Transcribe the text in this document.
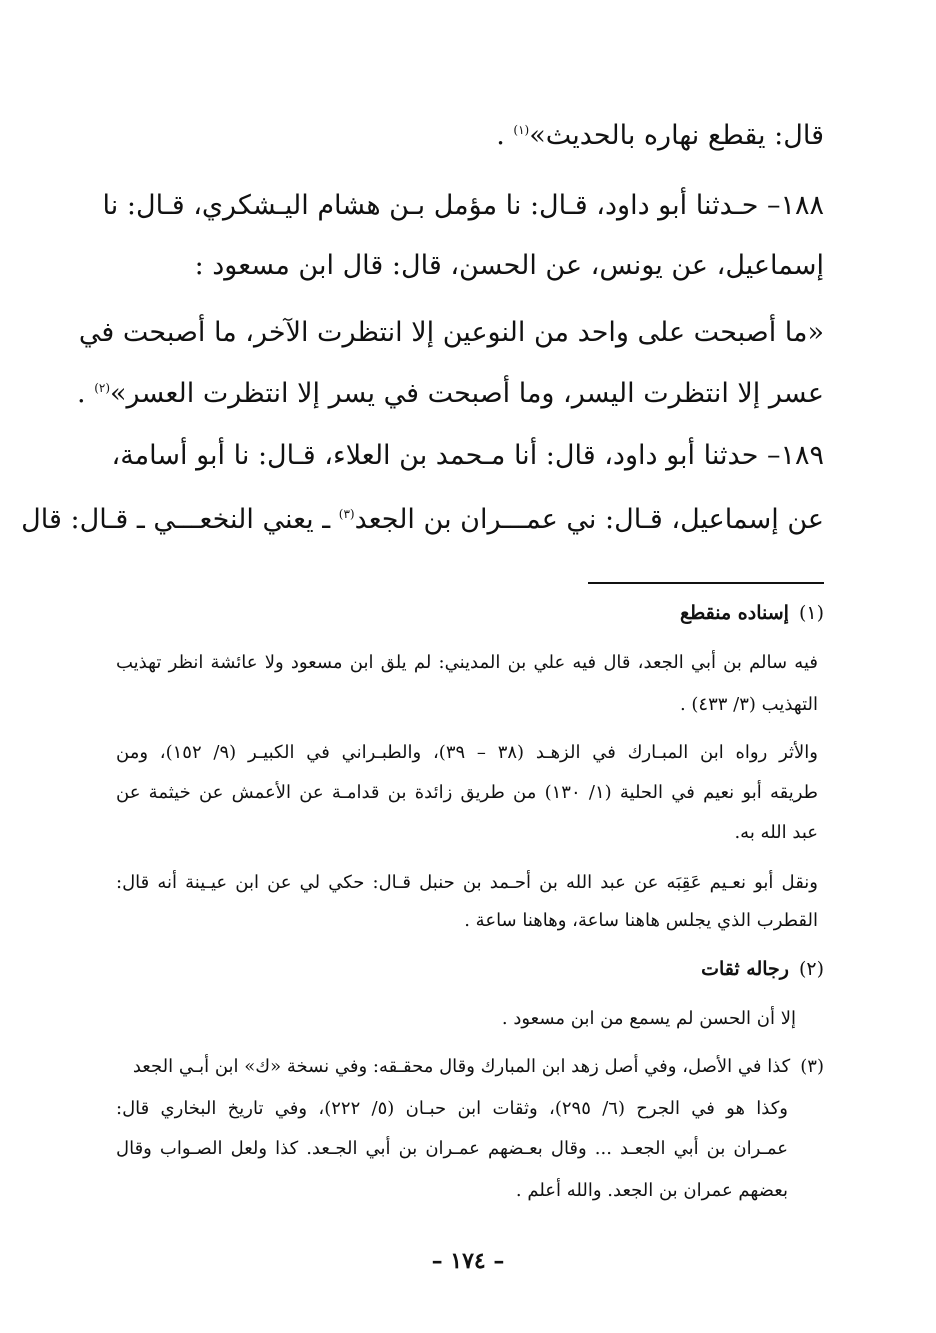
قال: يقطع نهاره بالحديث»$^{(١)}$ .
١٨٨– حـدثنا أبو داود، قـال: نا مؤمل بـن هشام اليـشكري، قـال: نا
إسماعيل، عن يونس، عن الحسن، قال: قال ابن مسعود :
«ما أصبحت على واحد من النوعين إلا انتظرت الآخر، ما أصبحت في
عسر إلا انتظرت اليسر، وما أصبحت في يسر إلا انتظرت العسر»$^{(٢)}$ .
١٨٩– حدثنا أبو داود، قال: أنا مـحمد بن العلاء، قـال: نا أبو أسامة،
عن إسماعيل، قـال: ني عمـــران بن الجعد$^{(٣)}$ ـ يعني النخعـــي ـ قـال: قال
(١)إسناده منقطع
فيه سالم بن أبي الجعد، قال فيه علي بن المديني: لم يلق ابن مسعود ولا عائشة انظر تهذيب
التهذيب (٣/ ٤٣٣) .
والأثر رواه ابن المبـارك في الزهـد (٣٨ – ٣٩)، والطبـراني في الكبيـر (٩/ ١٥٢)، ومن
طريقه أبو نعيم في الحلية (١/ ١٣٠) من طريق زائدة بن قدامـة عن الأعمش عن خيثمة عن
عبد الله به.
ونقل أبو نعـيم عَقِبَه عن عبد الله بن أحـمد بن حنبل قـال: حكي لي عن ابن عيـينة أنه قال:
القطرب الذي يجلس هاهنا ساعة، وهاهنا ساعة .
(٢)رجاله ثقات
إلا أن الحسن لم يسمع من ابن مسعود .
(٣)كذا في الأصل، وفي أصل زهد ابن المبارك وقال محقـقه: وفي نسخة «ك» ابن أبـي الجعد
وكذا هو في الجرح (٦/ ٢٩٥)، وثقات ابن حبـان (٥/ ٢٢٢)، وفي تاريخ البخاري قال:
عمـران بن أبي الجعـد ... وقال بعـضهم عمـران بن أبي الجـعد. كذا ولعل الصـواب وقال
بعضهم عمران بن الجعد. والله أعلم .
– ١٧٤ –
